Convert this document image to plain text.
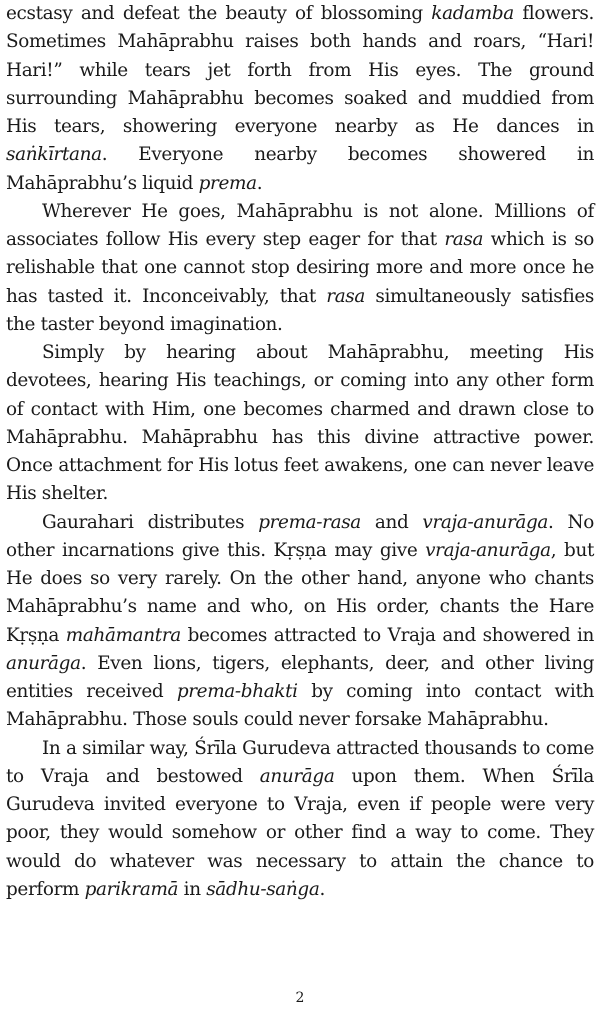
ecstasy and defeat the beauty of blossoming kadamba flowers. Sometimes Mahāprabhu raises both hands and roars, “Hari! Hari!” while tears jet forth from His eyes. The ground surrounding Mahāprabhu becomes soaked and muddied from His tears, showering everyone nearby as He dances in saṅkīrtana. Everyone nearby becomes showered in Mahāprabhu’s liquid prema.

Wherever He goes, Mahāprabhu is not alone. Millions of associates follow His every step eager for that rasa which is so relishable that one cannot stop desiring more and more once he has tasted it. Inconceivably, that rasa simultaneously satisfies the taster beyond imagination.

Simply by hearing about Mahāprabhu, meeting His devotees, hearing His teachings, or coming into any other form of contact with Him, one becomes charmed and drawn close to Mahāprabhu. Mahāprabhu has this divine attractive power. Once attachment for His lotus feet awakens, one can never leave His shelter.

Gaurahari distributes prema-rasa and vraja-anurāga. No other incarnations give this. Kṛṣṇa may give vraja-anurāga, but He does so very rarely. On the other hand, anyone who chants Mahāprabhu’s name and who, on His order, chants the Hare Kṛṣṇa mahāmantra becomes attracted to Vraja and showered in anurāga. Even lions, tigers, elephants, deer, and other living entities received prema-bhakti by coming into contact with Mahāprabhu. Those souls could never forsake Mahāprabhu.

In a similar way, Śrīla Gurudeva attracted thousands to come to Vraja and bestowed anurāga upon them. When Śrīla Gurudeva invited everyone to Vraja, even if people were very poor, they would somehow or other find a way to come. They would do whatever was necessary to attain the chance to perform parikramā in sādhu-saṅga.

2
